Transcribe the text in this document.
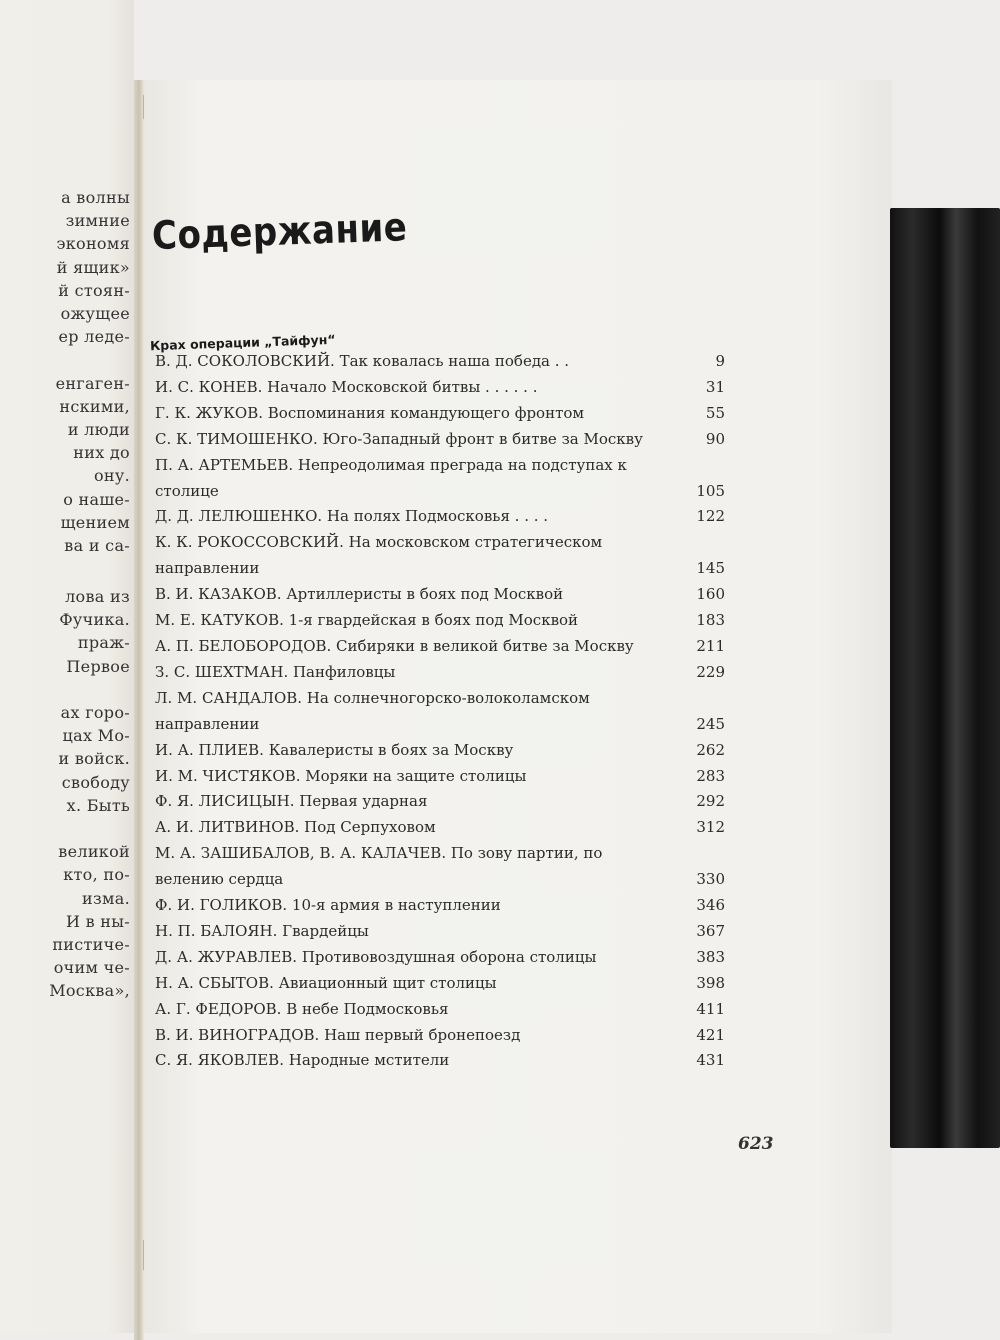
а волны
зимние
экономя
й ящик»
й стоян-
ожущее
ер леде-

енгаген-
нскими,
и люди
них до
ону.
о наше-
щением
ва и са-
лова из
Фучика.
праж-
Первое

ах горо-
цах Мо-
и войск.
свободу
х. Быть

великой
кто, по-
изма.
И в ны-
пистиче-
очим че-
Москва»,
Содержание
Крах операции „Тайфун“
В. Д. СОКОЛОВСКИЙ. Так ковалась наша победа . .	9
И. С. КОНЕВ. Начало Московской битвы . . . . . .	31
Г. К. ЖУКОВ. Воспоминания командующего фронтом	55
С. К. ТИМОШЕНКО. Юго-Западный фронт в битве за Москву	90
П. А. АРТЕМЬЕВ. Непреодолимая преграда на подступах к столице	105
Д. Д. ЛЕЛЮШЕНКО. На полях Подмосковья . . . .	122
К. К. РОКОССОВСКИЙ. На московском стратегическом направлении	145
В. И. КАЗАКОВ. Артиллеристы в боях под Москвой	160
М. Е. КАТУКОВ. 1-я гвардейская в боях под Москвой	183
А. П. БЕЛОБОРОДОВ. Сибиряки в великой битве за Москву	211
З. С. ШЕХТМАН. Панфиловцы	229
Л. М. САНДАЛОВ. На солнечногорско-волоколамском направлении	245
И. А. ПЛИЕВ. Кавалеристы в боях за Москву	262
И. М. ЧИСТЯКОВ. Моряки на защите столицы	283
Ф. Я. ЛИСИЦЫН. Первая ударная	292
А. И. ЛИТВИНОВ. Под Серпуховом	312
М. А. ЗАШИБАЛОВ, В. А. КАЛАЧЕВ. По зову партии, по велению сердца	330
Ф. И. ГОЛИКОВ. 10-я армия в наступлении	346
Н. П. БАЛОЯН. Гвардейцы	367
Д. А. ЖУРАВЛЕВ. Противовоздушная оборона столицы	383
Н. А. СБЫТОВ. Авиационный щит столицы	398
А. Г. ФЕДОРОВ. В небе Подмосковья	411
В. И. ВИНОГРАДОВ. Наш первый бронепоезд	421
С. Я. ЯКОВЛЕВ. Народные мстители	431
623
